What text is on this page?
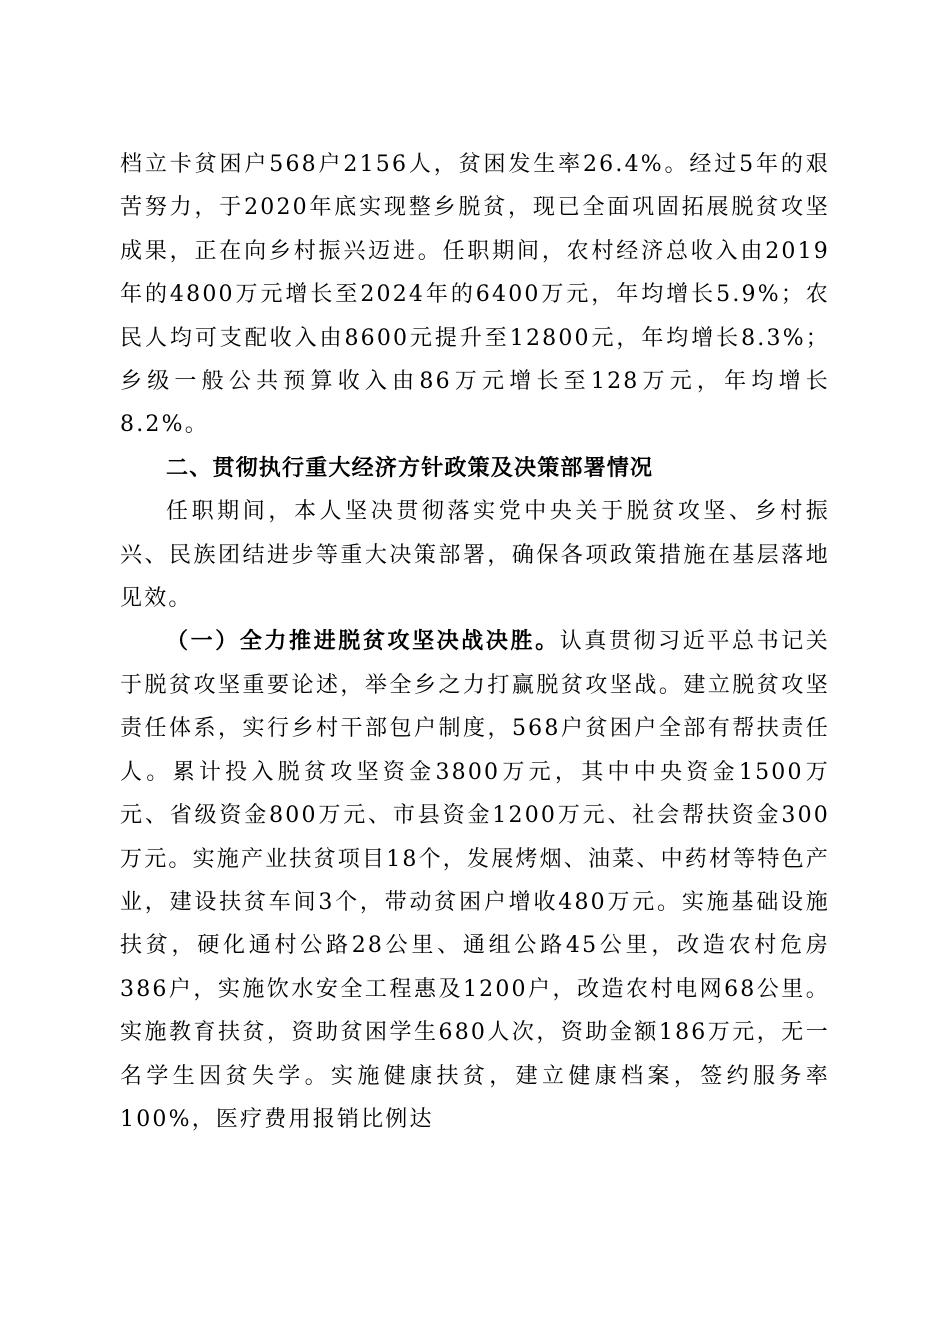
档立卡贫困户568户2156人，贫困发生率26.4%。经过5年的艰苦努力，于2020年底实现整乡脱贫，现已全面巩固拓展脱贫攻坚成果，正在向乡村振兴迈进。任职期间，农村经济总收入由2019年的4800万元增长至2024年的6400万元，年均增长5.9%；农民人均可支配收入由8600元提升至12800元，年均增长8.3%；乡级一般公共预算收入由86万元增长至128万元，年均增长8.2%。

二、贯彻执行重大经济方针政策及决策部署情况

任职期间，本人坚决贯彻落实党中央关于脱贫攻坚、乡村振兴、民族团结进步等重大决策部署，确保各项政策措施在基层落地见效。

（一）全力推进脱贫攻坚决战决胜。认真贯彻习近平总书记关于脱贫攻坚重要论述，举全乡之力打赢脱贫攻坚战。建立脱贫攻坚责任体系，实行乡村干部包户制度，568户贫困户全部有帮扶责任人。累计投入脱贫攻坚资金3800万元，其中中央资金1500万元、省级资金800万元、市县资金1200万元、社会帮扶资金300万元。实施产业扶贫项目18个，发展烤烟、油菜、中药材等特色产业，建设扶贫车间3个，带动贫困户增收480万元。实施基础设施扶贫，硬化通村公路28公里、通组公路45公里，改造农村危房386户，实施饮水安全工程惠及1200户，改造农村电网68公里。实施教育扶贫，资助贫困学生680人次，资助金额186万元，无一名学生因贫失学。实施健康扶贫，建立健康档案，签约服务率100%，医疗费用报销比例达
